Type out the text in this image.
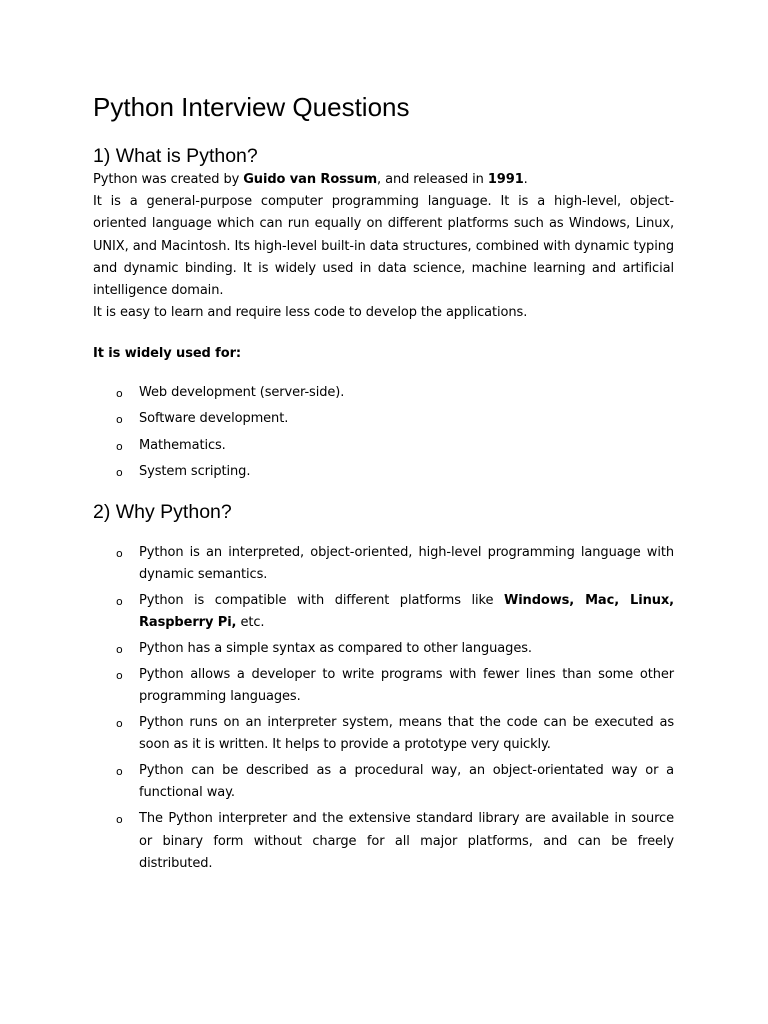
Python Interview Questions
1) What is Python?

Python was created by Guido van Rossum, and released in 1991.

It is a general-purpose computer programming language. It is a high-level, object-oriented language which can run equally on different platforms such as Windows, Linux, UNIX, and Macintosh. Its high-level built-in data structures, combined with dynamic typing and dynamic binding. It is widely used in data science, machine learning and artificial intelligence domain.

It is easy to learn and require less code to develop the applications.

It is widely used for:

o Web development (server-side).
o Software development.
o Mathematics.
o System scripting.
2) Why Python?
o Python is an interpreted, object-oriented, high-level programming language with dynamic semantics.
o Python is compatible with different platforms like Windows, Mac, Linux, Raspberry Pi, etc.
o Python has a simple syntax as compared to other languages.
o Python allows a developer to write programs with fewer lines than some other programming languages.
o Python runs on an interpreter system, means that the code can be executed as soon as it is written. It helps to provide a prototype very quickly.
o Python can be described as a procedural way, an object-orientated way or a functional way.
o The Python interpreter and the extensive standard library are available in source or binary form without charge for all major platforms, and can be freely distributed.
